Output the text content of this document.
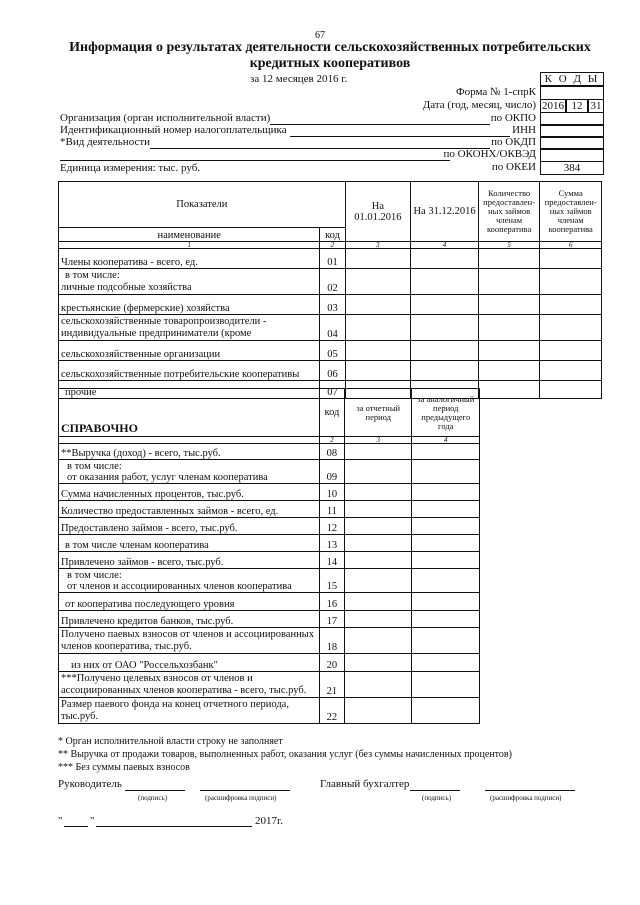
67
Информация о результатах деятельности сельскохозяйственных потребительских
кредитных кооперативов
за 12 месяцев 2016 г.	К О Д Ы
Форма № 1-спрК
Дата (год, месяц, число) 2016 12 31
Организация (орган исполнительной власти)	по ОКПО
Идентификационный номер налогоплательщика	ИНН
*Вид деятельности	по ОКДП
по ОКОНХ/ОКВЭД
Единица измерения: тыс. руб.	по ОКЕИ	384
Показатели		На 01.01.2016	На 31.12.2016	Количество предоставлен-ных займов членам кооператива	Сумма предоставлен-ных займов членам кооператива
наименование	код				
1	2	3	4	5	6
Члены кооператива - всего, ед.	01				

в том числе:
личные подсобные хозяйства	02				
крестьянские (фермерские) хозяйства	03				

сельскохозяйственные товаропроизводители -
индивидуальные предприниматели (кроме	04				
сельскохозяйственные организации	05				
сельскохозяйственные потребительские кооперативы	06				
прочие	07				
СПРАВОЧНО	код	за отчетный период	за аналогичный период предыдущего года
	2	3	4
**Выручка (доход) - всего, тыс.руб.	08		

в том числе:
от оказания работ, услуг членам кооператива	09		
Сумма начисленных процентов, тыс.руб.	10		
Количество предоставленных займов - всего, ед.	11		
Предоставлено займов - всего, тыс.руб.	12		
в том числе членам кооператива	13		
Привлечено займов - всего, тыс.руб.	14		

в том числе:
от членов и ассоциированных членов кооператива	15		
от кооператива последующего уровня	16		
Привлечено кредитов банков, тыс.руб.	17		

Получено паевых взносов от членов и ассоциированных
членов кооператива, тыс.руб.	18		
из них от ОАО "Россельхозбанк"	20		

***Получено целевых взносов от членов и
ассоциированных членов кооператива - всего, тыс.руб.	21		

Размер паевого фонда на конец отчетного периода,
тыс.руб.	22		
* Орган исполнительной власти строку не заполняет
** Выручка от продажи товаров, выполненных работ, оказания услуг (без суммы начисленных процентов)
*** Без суммы паевых взносов
Руководитель
(подпись)	(расшифровка подписи)
Главный бухгалтер
(подпись)	(расшифровка подписи)
"	"	2017г.
